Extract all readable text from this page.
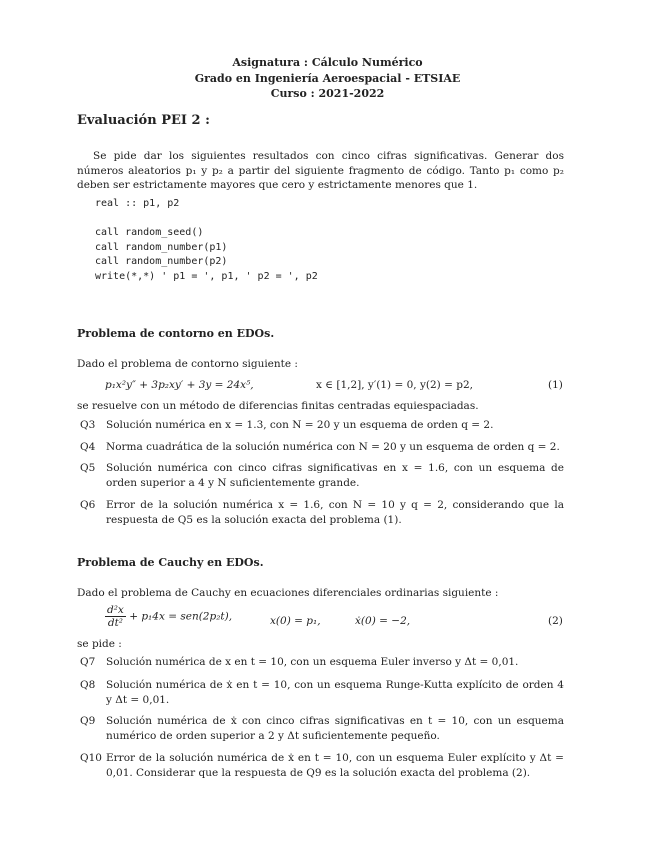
Asignatura : Cálculo Numérico
Grado en Ingeniería Aeroespacial - ETSIAE
Curso : 2021-2022
Evaluación PEI 2 :
Se pide dar los siguientes resultados con cinco cifras significativas. Generar dos números aleatorios p₁ y p₂ a partir del siguiente fragmento de código. Tanto p₁ como p₂ deben ser estrictamente mayores que cero y estrictamente menores que 1.
real :: p1, p2
call random_seed()
call random_number(p1)
call random_number(p2)
write(*,*) ' p1 = ', p1, ' p2 = ', p2
Problema de contorno en EDOs.
Dado el problema de contorno siguiente :
p₁x²y″ + 3p₂xy′ + 3y = 24x⁵,	x ∈ [1,2], y′(1) = 0, y(2) = p2,	(1)
se resuelve con un método de diferencias finitas centradas equiespaciadas.
Q3 Solución numérica en x = 1.3, con N = 20 y un esquema de orden q = 2.
Q4 Norma cuadrática de la solución numérica con N = 20 y un esquema de orden q = 2.
Q5 Solución numérica con cinco cifras significativas en x = 1.6, con un esquema de orden superior a 4 y N suficientemente grande.
Q6 Error de la solución numérica x = 1.6, con N = 10 y q = 2, considerando que la respuesta de Q5 es la solución exacta del problema (1).
Problema de Cauchy en EDOs.
Dado el problema de Cauchy en ecuaciones diferenciales ordinarias siguiente :
$\frac{\text{d²x}}{\text{dt²}} + p_14x = sen(2p_2t)$,	x(0) = p₁,	ẋ(0) = −2,	(2)
se pide :
Q7 Solución numérica de x en t = 10, con un esquema Euler inverso y Δt = 0,01.
Q8 Solución numérica de ẋ en t = 10, con un esquema Runge-Kutta explícito de orden 4 y Δt = 0,01.
Q9 Solución numérica de ẋ con cinco cifras significativas en t = 10, con un esquema numérico de orden superior a 2 y Δt suficientemente pequeño.
Q10 Error de la solución numérica de ẋ en t = 10, con un esquema Euler explícito y Δt = 0,01. Considerar que la respuesta de Q9 es la solución exacta del problema (2).
